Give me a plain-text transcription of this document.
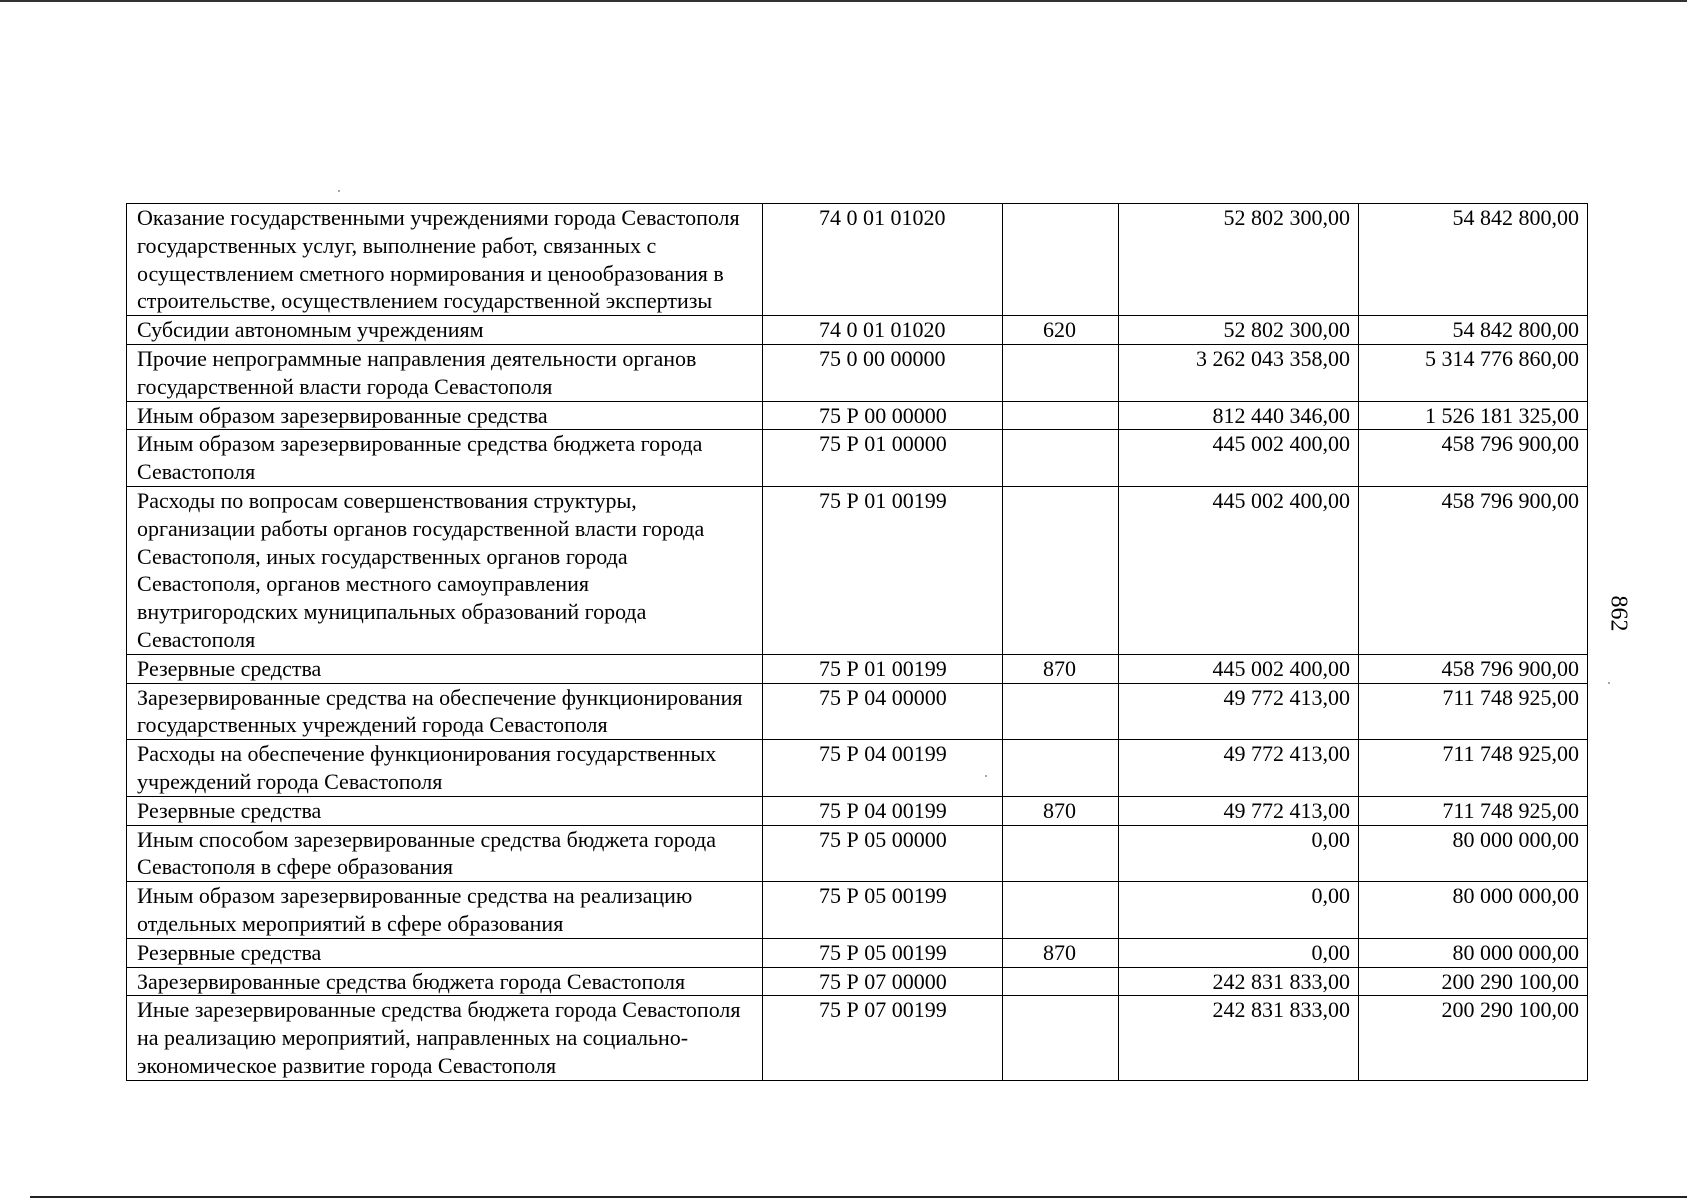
Оказание государственными учреждениями города Севастополя государственных услуг, выполнение работ, связанных с осуществлением сметного нормирования и ценообразования в строительстве, осуществлением государственной экспертизы	74 0 01 01020		52 802 300,00	54 842 800,00
Субсидии автономным учреждениям	74 0 01 01020	620	52 802 300,00	54 842 800,00
Прочие непрограммные направления деятельности органов государственной власти города Севастополя	75 0 00 00000		3 262 043 358,00	5 314 776 860,00
Иным образом зарезервированные средства	75 Р 00 00000		812 440 346,00	1 526 181 325,00
Иным образом зарезервированные средства бюджета города Севастополя	75 Р 01 00000		445 002 400,00	458 796 900,00
Расходы по вопросам совершенствования структуры, организации работы органов государственной власти города Севастополя, иных государственных органов города Севастополя, органов местного самоуправления внутригородских муниципальных образований города Севастополя	75 Р 01 00199		445 002 400,00	458 796 900,00
Резервные средства	75 Р 01 00199	870	445 002 400,00	458 796 900,00
Зарезервированные средства на обеспечение функционирования государственных учреждений города Севастополя	75 Р 04 00000		49 772 413,00	711 748 925,00
Расходы на обеспечение функционирования государственных учреждений города Севастополя	75 Р 04 00199		49 772 413,00	711 748 925,00
Резервные средства	75 Р 04 00199	870	49 772 413,00	711 748 925,00
Иным способом зарезервированные средства бюджета города Севастополя в сфере образования	75 Р 05 00000		0,00	80 000 000,00
Иным образом зарезервированные средства на реализацию отдельных мероприятий в сфере образования	75 Р 05 00199		0,00	80 000 000,00
Резервные средства	75 Р 05 00199	870	0,00	80 000 000,00
Зарезервированные средства бюджета города Севастополя	75 Р 07 00000		242 831 833,00	200 290 100,00
Иные зарезервированные средства бюджета города Севастополя на реализацию мероприятий, направленных на социально-экономическое развитие города Севастополя	75 Р 07 00199		242 831 833,00	200 290 100,00
862
